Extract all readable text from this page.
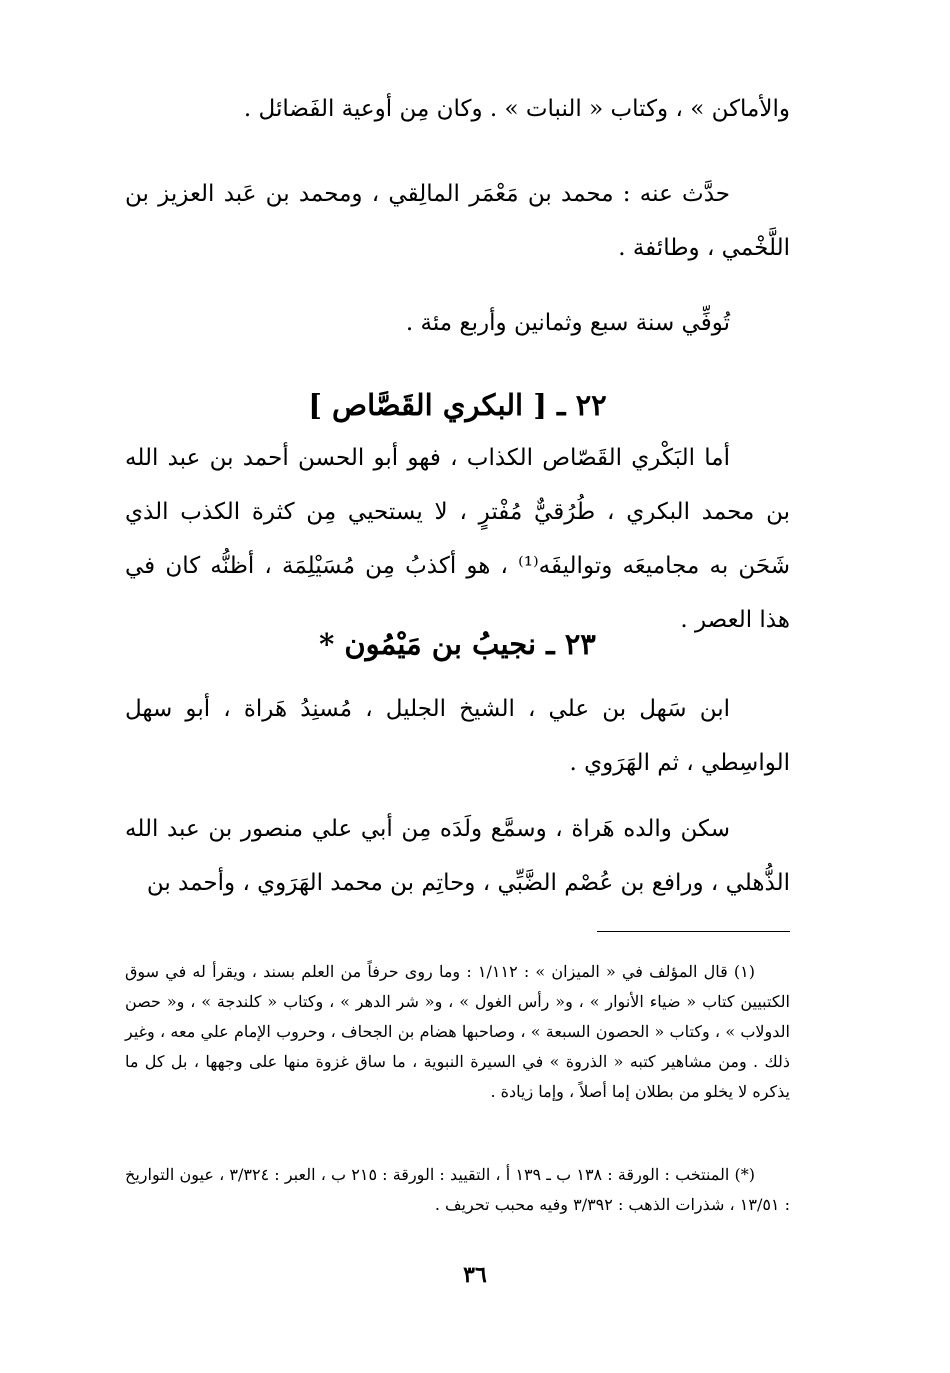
والأماكن » ، وكتاب « النبات » . وكان مِن أوعية الفَضائل .

حدَّث عنه : محمد بن مَعْمَر المالِقي ، ومحمد بن عَبد العزيز بن اللَّخْمي ، وطائفة .

تُوفِّي سنة سبع وثمانين وأربع مئة .

٢٢ ـ [ البكري القَصَّاص ]

أما البَكْري القَصّاص الكذاب ، فهو أبو الحسن أحمد بن عبد الله بن محمد البكري ، طُرُقيٌّ مُفْترٍ ، لا يستحيي مِن كثرة الكذب الذي شَحَن به مجاميعَه وتواليفَه⁽¹⁾ ، هو أكذبُ مِن مُسَيْلِمَة ، أظنُّه كان في هذا العصر .

٢٣ ـ نجيبُ بن مَيْمُون *

ابن سَهل بن علي ، الشيخ الجليل ، مُسنِدُ هَراة ، أبو سهل الواسِطي ، ثم الهَرَوي .

سكن والده هَراة ، وسمَّع ولَدَه مِن أبي علي منصور بن عبد الله الذُّهلي ، ورافع بن عُصْم الضَّبِّي ، وحاتِم بن محمد الهَرَوي ، وأحمد بن

(١) قال المؤلف في « الميزان » : ١/١١٢ : وما روى حرفاً من العلم بسند ، ويقرأ له في سوق الكتبيين كتاب « ضياء الأنوار » ، و« رأس الغول » ، و« شر الدهر » ، وكتاب « كلندجة » ، و« حصن الدولاب » ، وكتاب « الحصون السبعة » ، وصاحبها هضام بن الجحاف ، وحروب الإمام علي معه ، وغير ذلك . ومن مشاهير كتبه « الذروة » في السيرة النبوية ، ما ساق غزوة منها على وجهها ، بل كل ما يذكره لا يخلو من بطلان إما أصلاً ، وإما زيادة .

(*) المنتخب : الورقة : ١٣٨ ب ـ ١٣٩ أ ، التقييد : الورقة : ٢١٥ ب ، العبر : ٣/٣٢٤ ، عيون التواريخ : ١٣/٥١ ، شذرات الذهب : ٣/٣٩٢ وفيه محبب تحريف .

٣٦
